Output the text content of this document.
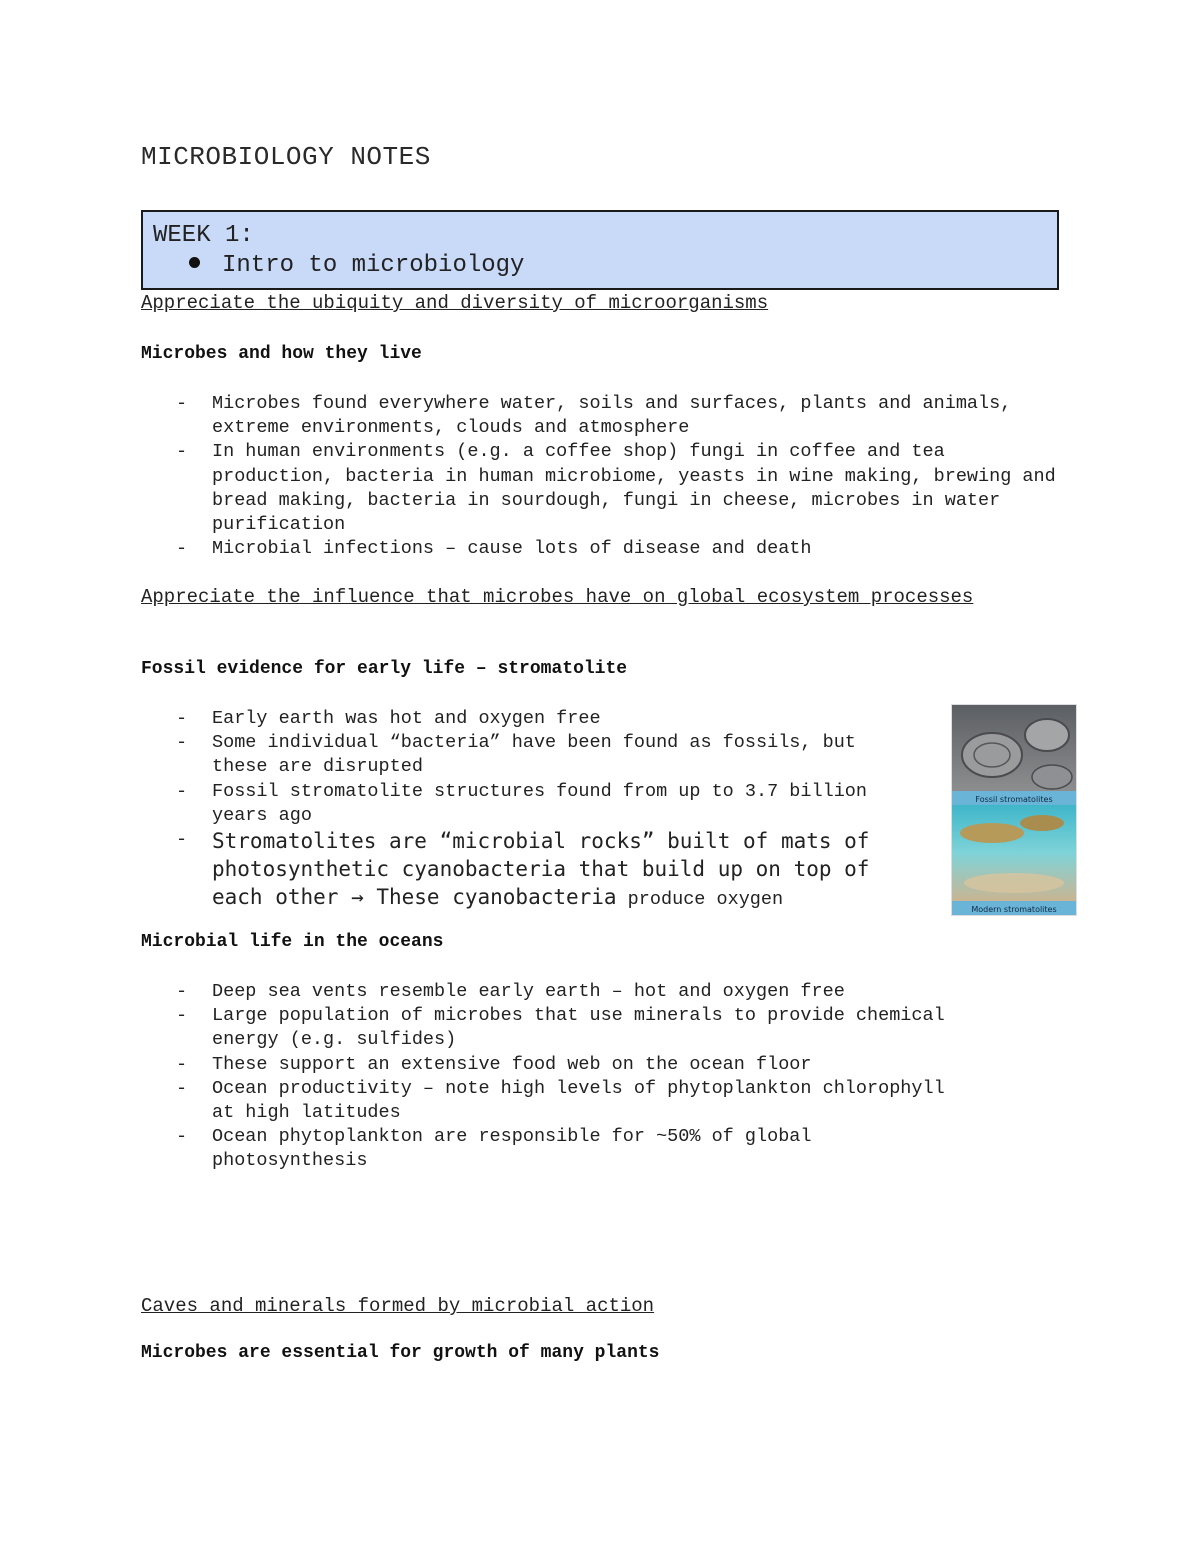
MICROBIOLOGY NOTES
WEEK 1:
Intro to microbiology
Appreciate the ubiquity and diversity of microorganisms
Microbes and how they live
- Microbes found everywhere water, soils and surfaces, plants and animals, extreme environments, clouds and atmosphere
- In human environments (e.g. a coffee shop) fungi in coffee and tea production, bacteria in human microbiome, yeasts in wine making, brewing and bread making, bacteria in sourdough, fungi in cheese, microbes in water purification
- Microbial infections – cause lots of disease and death
Appreciate the influence that microbes have on global ecosystem processes
Fossil evidence for early life – stromatolite
- Early earth was hot and oxygen free
- Some individual “bacteria” have been found as fossils, but these are disrupted
- Fossil stromatolite structures found from up to 3.7 billion years ago
- Stromatolites are “microbial rocks” built of mats of photosynthetic cyanobacteria that build up on top of each other → These cyanobacteria produce oxygen
Fossil stromatolites
Modern stromatolites
Microbial life in the oceans
- Deep sea vents resemble early earth – hot and oxygen free
- Large population of microbes that use minerals to provide chemical energy (e.g. sulfides)
- These support an extensive food web on the ocean floor
- Ocean productivity – note high levels of phytoplankton chlorophyll at high latitudes
- Ocean phytoplankton are responsible for ~50% of global photosynthesis
Caves and minerals formed by microbial action
Microbes are essential for growth of many plants
